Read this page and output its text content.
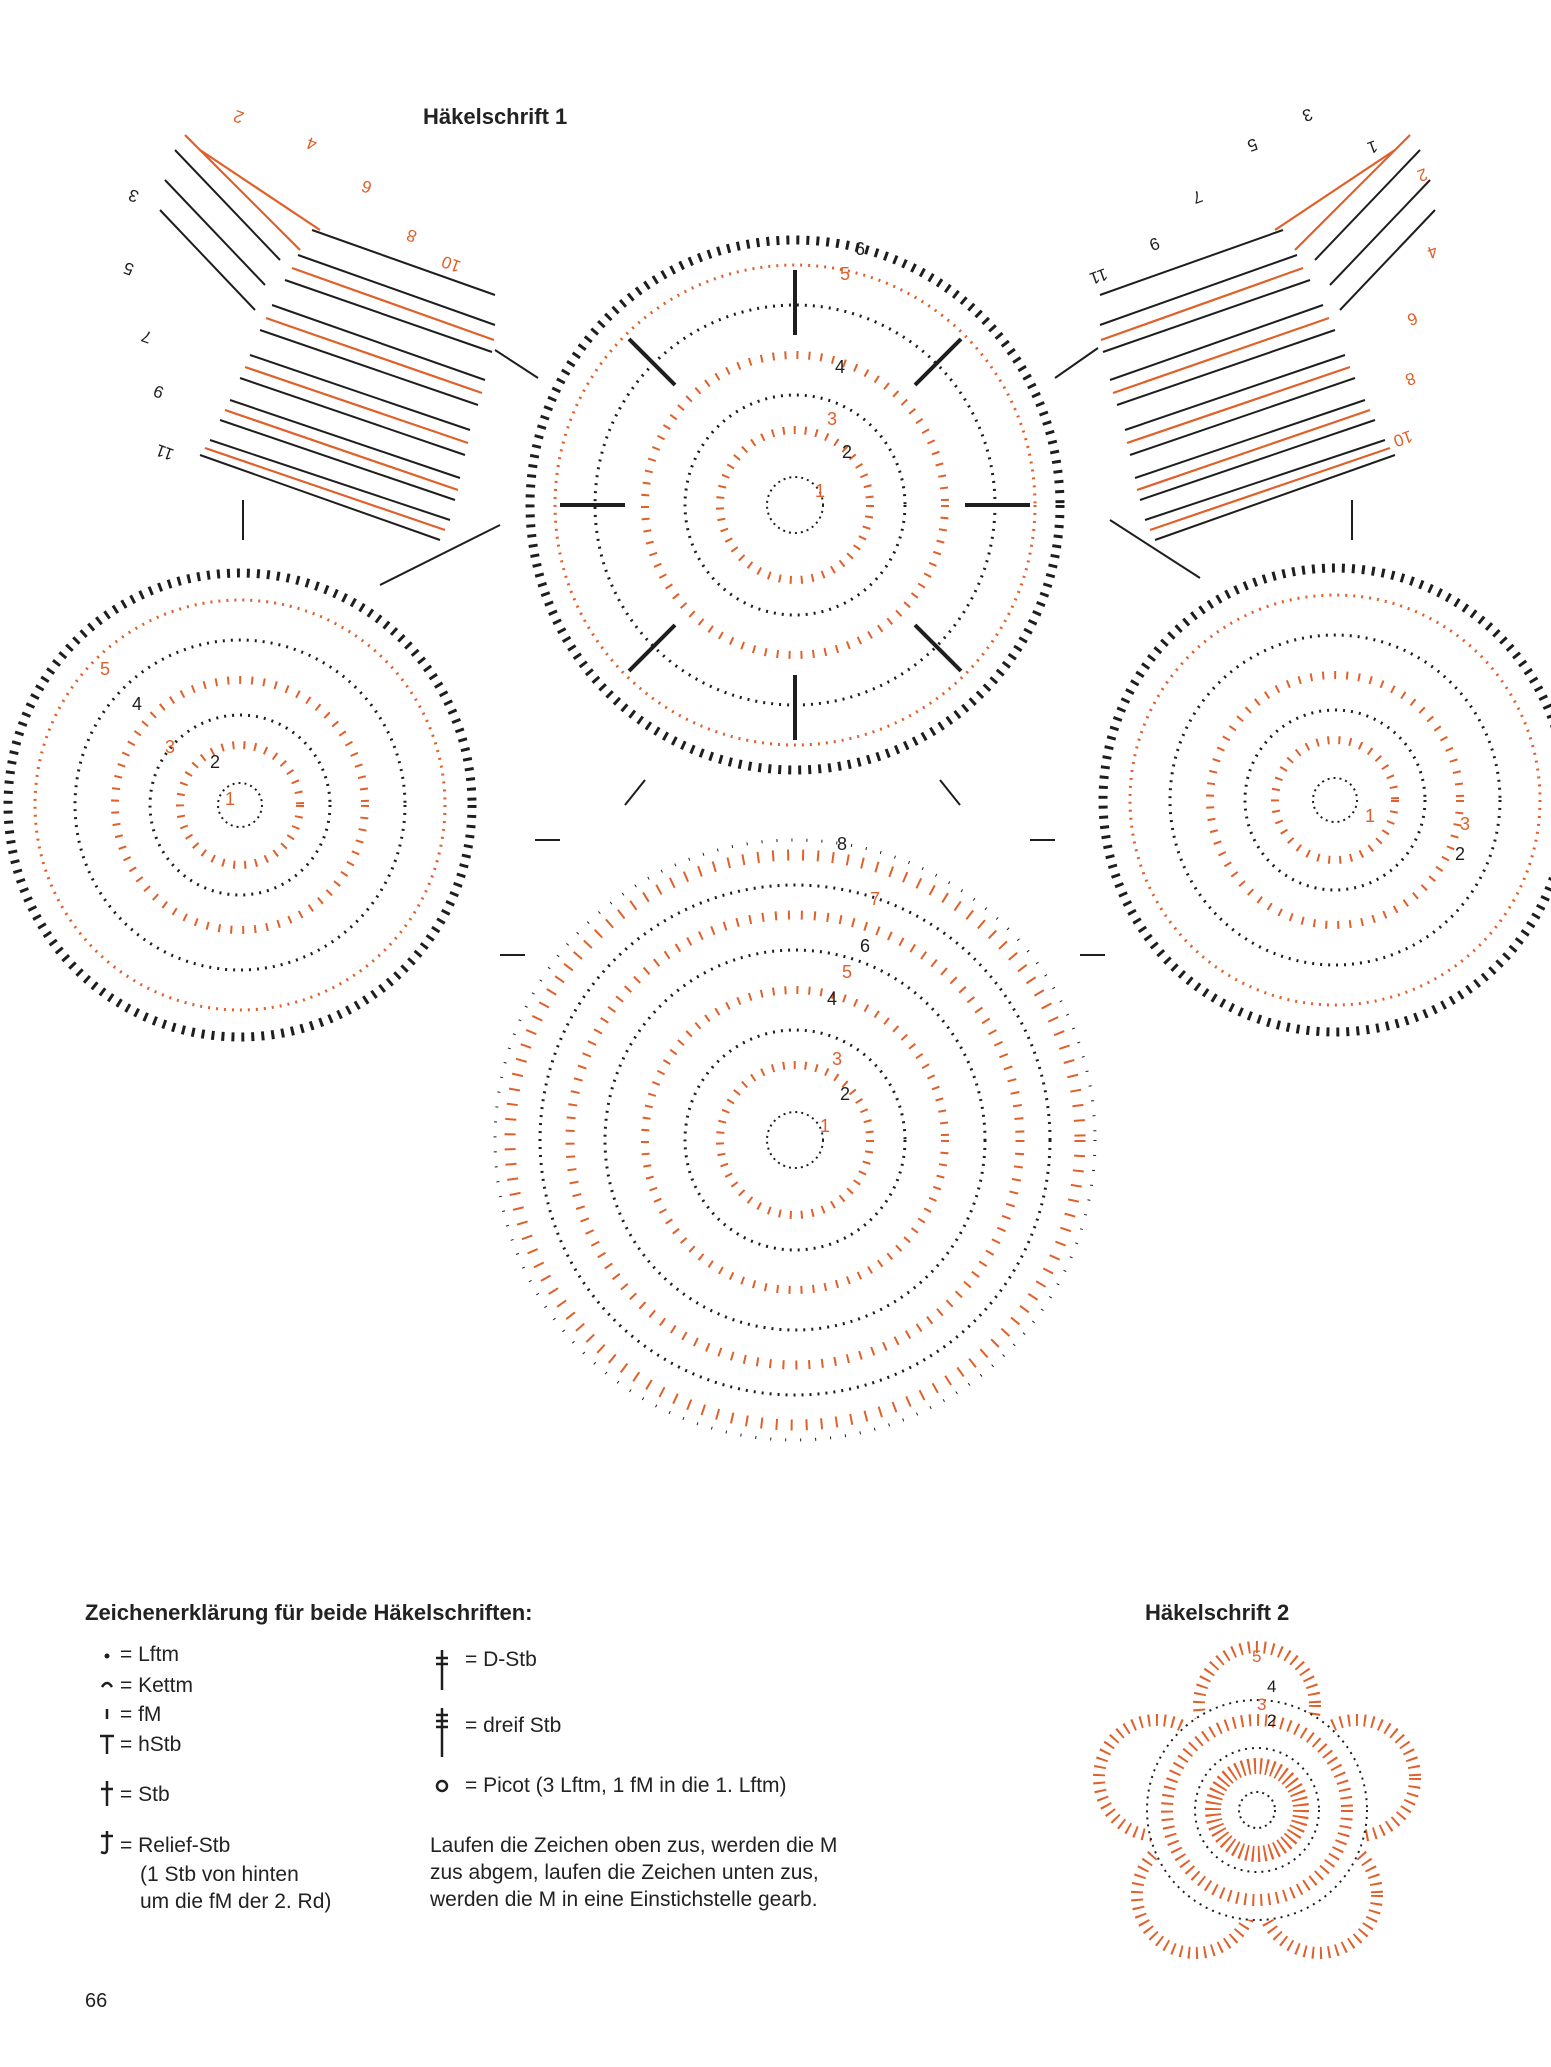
Häkelschrift 1
6
5
4
3
2
1
5
4
3
2
1
3
2
1
8
7
6
5
4
3
2
1
2
3
4
5
6
7
8
9
10
11
1
2
3
4
5
6
7
8
9
10
11
Zeichenerklärung für beide Häkelschriften:
= Lftm
= Kettm
= fM
= hStb
= Stb
= Relief-Stb
(1 Stb von hinten
um die fM der 2. Rd)
= D-Stb
= dreif Stb
= Picot (3 Lftm, 1 fM in die 1. Lftm)
Laufen die Zeichen oben zus, werden die M
zus abgem, laufen die Zeichen unten zus,
werden die M in eine Einstichstelle gearb.
Häkelschrift 2
2
3
4
5
66
